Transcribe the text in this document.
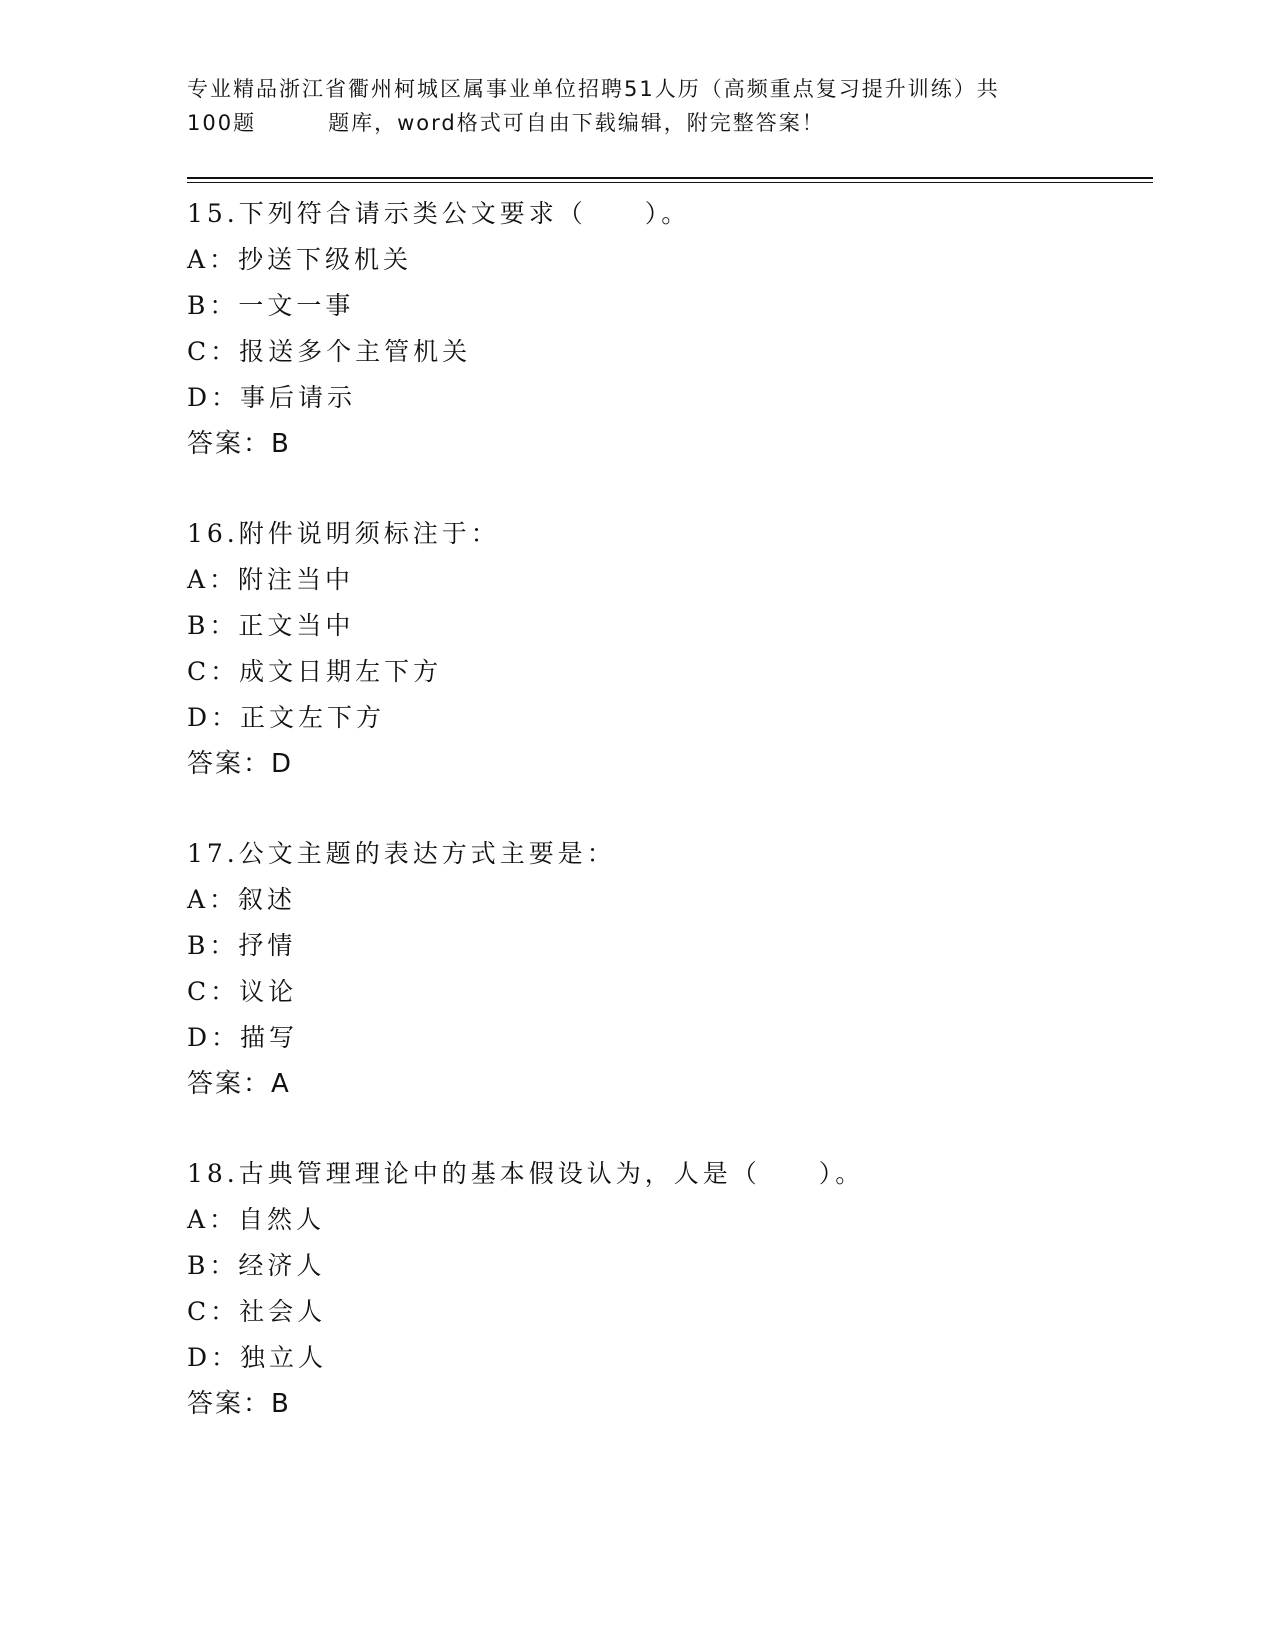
专业精品浙江省衢州柯城区属事业单位招聘51人历（高频重点复习提升训练）共
100题	题库，word格式可自由下载编辑，附完整答案！
15.下列符合请示类公文要求（　　）。
A：抄送下级机关
B：一文一事
C：报送多个主管机关
D：事后请示
答案：B
16.附件说明须标注于：
A：附注当中
B：正文当中
C：成文日期左下方
D：正文左下方
答案：D
17.公文主题的表达方式主要是：
A：叙述
B：抒情
C：议论
D：描写
答案：A
18.古典管理理论中的基本假设认为，人是（　　）。
A：自然人
B：经济人
C：社会人
D：独立人
答案：B
